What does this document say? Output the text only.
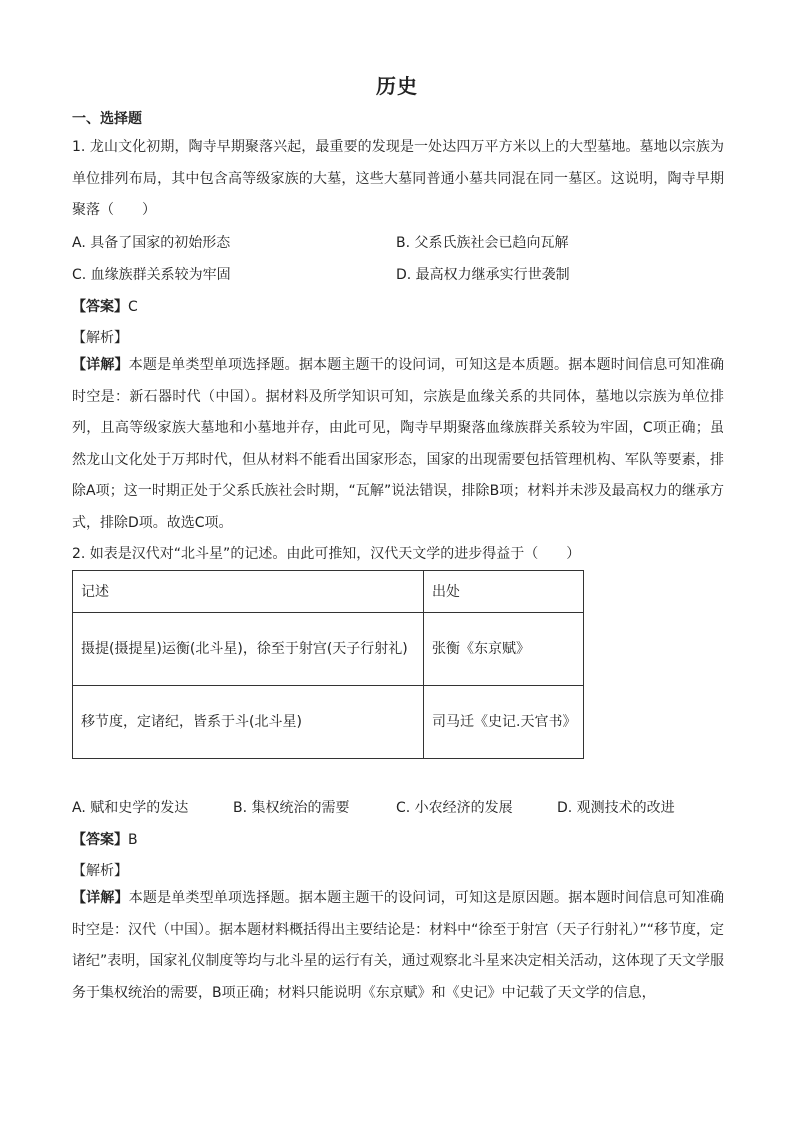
历史
一、选择题
1. 龙山文化初期，陶寺早期聚落兴起，最重要的发现是一处达四万平方米以上的大型墓地。墓地以宗族为单位排列布局，其中包含高等级家族的大墓，这些大墓同普通小墓共同混在同一墓区。这说明，陶寺早期聚落（　　）
A. 具备了国家的初始形态	B. 父系氏族社会已趋向瓦解
C. 血缘族群关系较为牢固	D. 最高权力继承实行世袭制
【答案】C
【解析】
【详解】本题是单类型单项选择题。据本题主题干的设问词，可知这是本质题。据本题时间信息可知准确时空是：新石器时代（中国）。据材料及所学知识可知，宗族是血缘关系的共同体，墓地以宗族为单位排列，且高等级家族大墓地和小墓地并存，由此可见，陶寺早期聚落血缘族群关系较为牢固，C项正确；虽然龙山文化处于万邦时代，但从材料不能看出国家形态，国家的出现需要包括管理机构、军队等要素，排除A项；这一时期正处于父系氏族社会时期，“瓦解”说法错误，排除B项；材料并未涉及最高权力的继承方式，排除D项。故选C项。
2. 如表是汉代对“北斗星”的记述。由此可推知，汉代天文学的进步得益于（　　）
记述	出处
摄提(摄提星)运衡(北斗星)，徐至于射宫(天子行射礼)	张衡《东京赋》
移节度，定诸纪，皆系于斗(北斗星)	司马迁《史记.天官书》
A. 赋和史学的发达	B. 集权统治的需要	C. 小农经济的发展	D. 观测技术的改进
【答案】B
【解析】
【详解】本题是单类型单项选择题。据本题主题干的设问词，可知这是原因题。据本题时间信息可知准确时空是：汉代（中国）。据本题材料概括得出主要结论是：材料中“徐至于射宫（天子行射礼）”“移节度，定诸纪”表明，国家礼仪制度等均与北斗星的运行有关，通过观察北斗星来决定相关活动，这体现了天文学服务于集权统治的需要，B项正确；材料只能说明《东京赋》和《史记》中记载了天文学的信息，
